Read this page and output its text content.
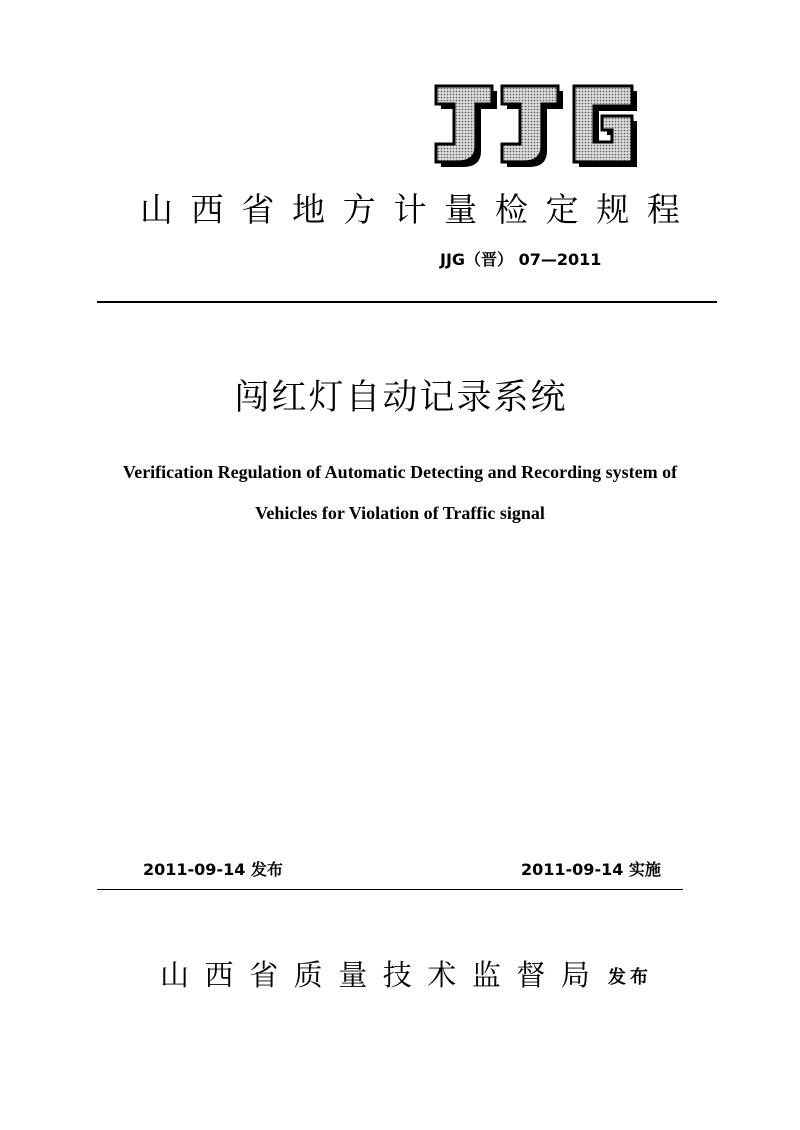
山 西 省 地 方 计 量 检 定 规 程
JJG（晋） 07—2011
闯红灯自动记录系统
Verification Regulation of Automatic Detecting and Recording system of
Vehicles for Violation of Traffic signal
2011-09-14 发布	2011-09-14 实施
山 西 省 质 量 技 术 监 督 局 发布
